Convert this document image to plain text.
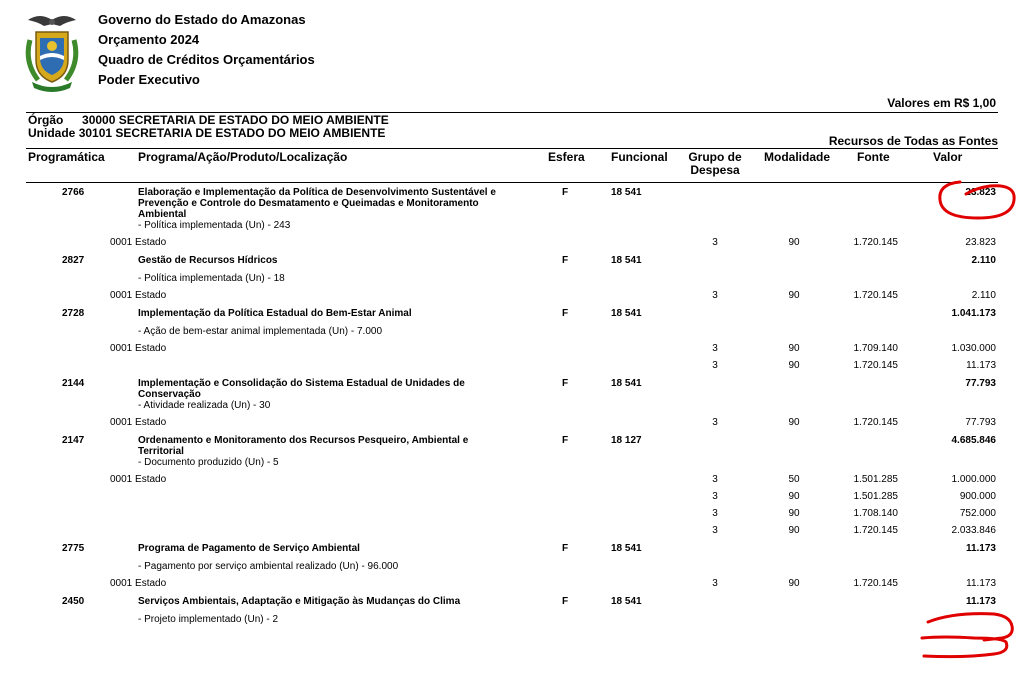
Governo do Estado do Amazonas
Orçamento 2024
Quadro de Créditos Orçamentários
Poder Executivo
Valores em R$ 1,00
Órgão 30000 SECRETARIA DE ESTADO DO MEIO AMBIENTE
Unidade 30101 SECRETARIA DE ESTADO DO MEIO AMBIENTE
Recursos de Todas as Fontes
Programática	Programa/Ação/Produto/Localização	Esfera Funcional	Grupo de
Despesa
Modalidade Fonte	Valor
2766	Elaboração e Implementação da Política de Desenvolvimento Sustentável e
Prevenção e Controle do Desmatamento e Queimadas e Monitoramento
Ambiental
F	18 541	23.823
- Política implementada (Un) - 243
0001 Estado	3	90	1.720.145	23.823
2827	Gestão de Recursos Hídricos	F	18 541	2.110
- Política implementada (Un) - 18
0001 Estado	3	90	1.720.145	2.110
2728	Implementação da Política Estadual do Bem-Estar Animal	F	18 541	1.041.173
- Ação de bem-estar animal implementada (Un) - 7.000
0001 Estado	3	90	1.709.140	1.030.000
3	90	1.720.145	11.173
2144	Implementação e Consolidação do Sistema Estadual de Unidades de
Conservação
F	18 541	77.793
- Atividade realizada (Un) - 30
0001 Estado	3	90	1.720.145	77.793
2147	Ordenamento e Monitoramento dos Recursos Pesqueiro, Ambiental e
Territorial
F	18 127	4.685.846
- Documento produzido (Un) - 5
0001 Estado	3	50	1.501.285	1.000.000
3	90	1.501.285	900.000
3	90	1.708.140	752.000
3	90	1.720.145	2.033.846
2775	Programa de Pagamento de Serviço Ambiental	F	18 541	11.173
- Pagamento por serviço ambiental realizado (Un) - 96.000
0001 Estado	3	90	1.720.145	11.173
2450	Serviços Ambientais, Adaptação e Mitigação às Mudanças do Clima	F	18 541	11.173
- Projeto implementado (Un) - 2
